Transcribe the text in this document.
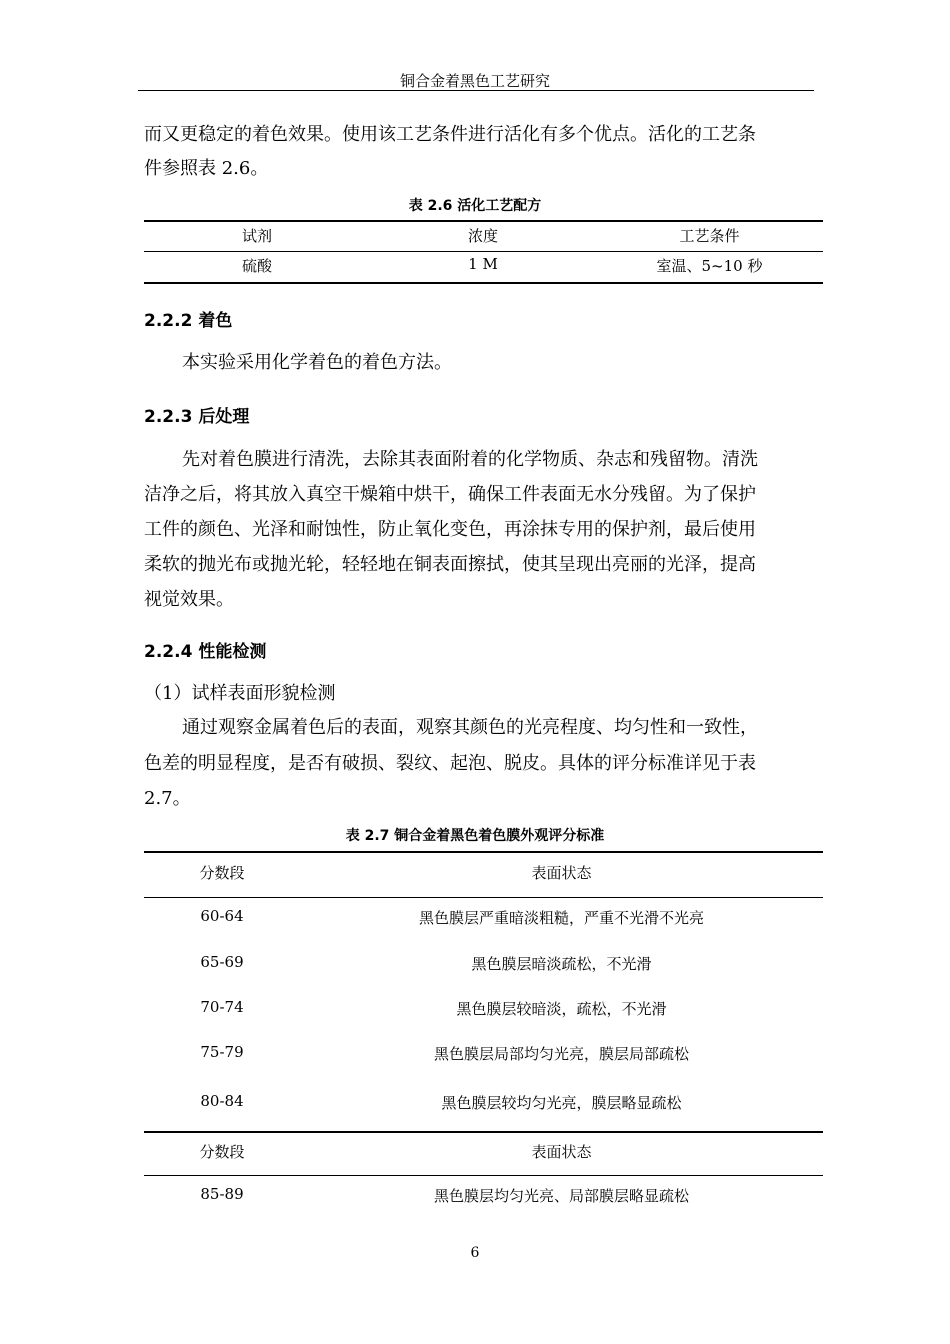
铜合金着黑色工艺研究
而又更稳定的着色效果。使用该工艺条件进行活化有多个优点。活化的工艺条
件参照表 2.6。
表 2.6 活化工艺配方
试剂	浓度	工艺条件
硫酸	1 M	室温、5~10 秒
2.2.2 着色
本实验采用化学着色的着色方法。
2.2.3 后处理
先对着色膜进行清洗，去除其表面附着的化学物质、杂志和残留物。清洗
洁净之后，将其放入真空干燥箱中烘干，确保工件表面无水分残留。为了保护
工件的颜色、光泽和耐蚀性，防止氧化变色，再涂抹专用的保护剂，最后使用
柔软的抛光布或抛光轮，轻轻地在铜表面擦拭，使其呈现出亮丽的光泽，提高
视觉效果。
2.2.4 性能检测
（1）试样表面形貌检测
通过观察金属着色后的表面，观察其颜色的光亮程度、均匀性和一致性，
色差的明显程度，是否有破损、裂纹、起泡、脱皮。具体的评分标准详见于表
2.7。
表 2.7 铜合金着黑色着色膜外观评分标准
分数段	表面状态
60-64	黑色膜层严重暗淡粗糙，严重不光滑不光亮
65-69	黑色膜层暗淡疏松，不光滑
70-74	黑色膜层较暗淡，疏松，不光滑
75-79	黑色膜层局部均匀光亮，膜层局部疏松
80-84	黑色膜层较均匀光亮，膜层略显疏松
分数段	表面状态
85-89	黑色膜层均匀光亮、局部膜层略显疏松
6
